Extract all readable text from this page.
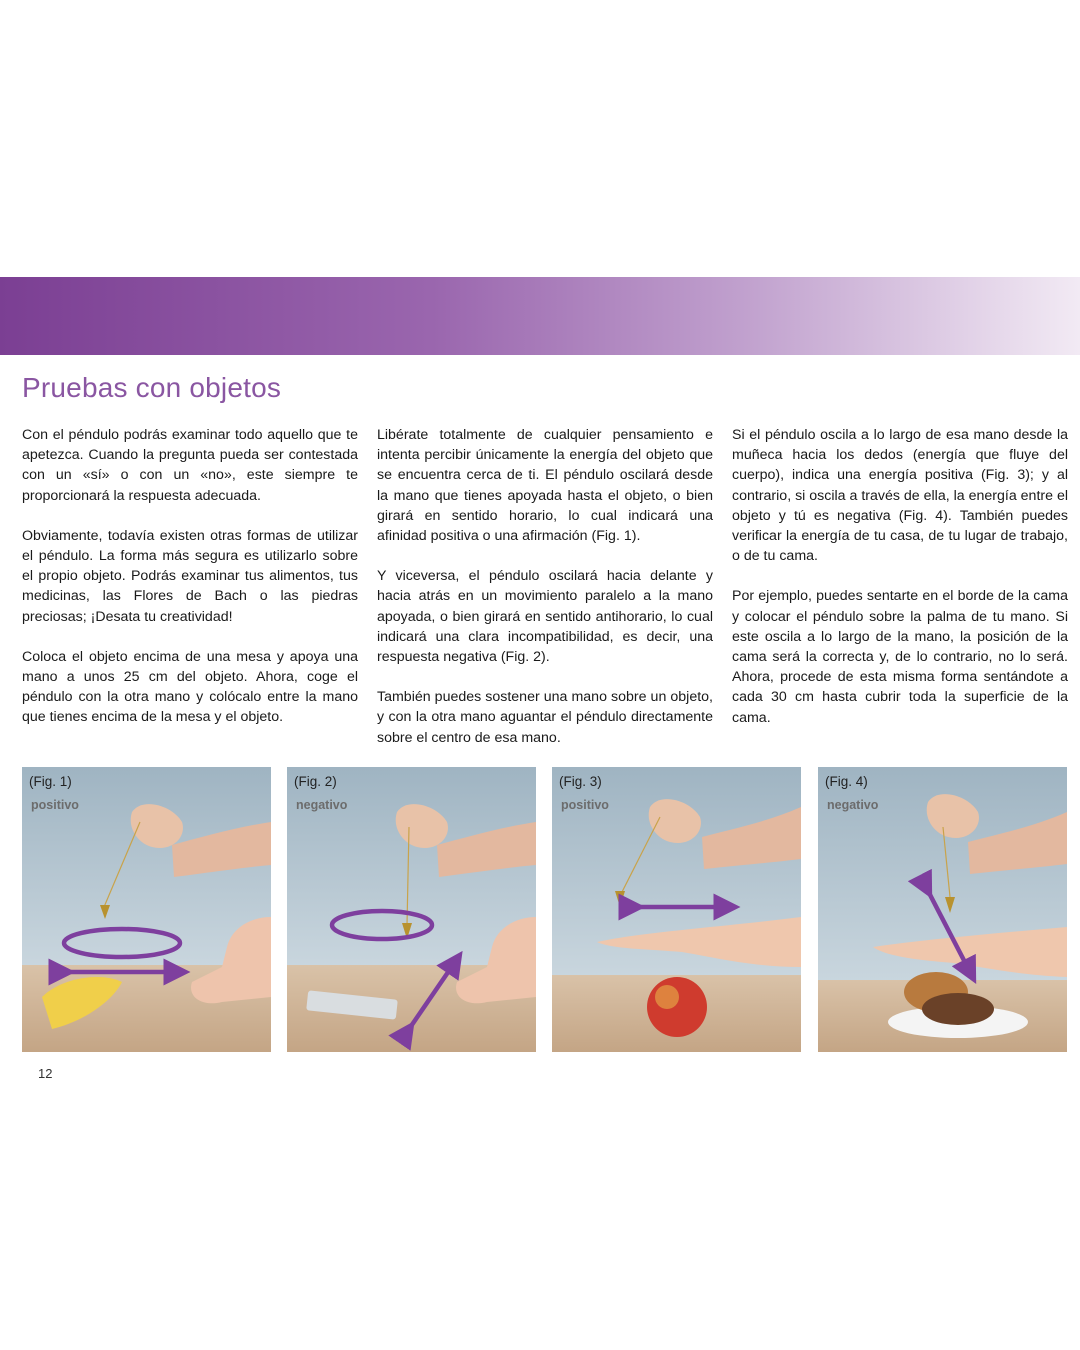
Pruebas con objetos

Con el péndulo podrás examinar todo aquello que te apetezca. Cuando la pregunta pueda ser contestada con un «sí» o con un «no», este siempre te proporcionará la respuesta adecuada.

Obviamente, todavía existen otras formas de utilizar el péndulo. La forma más segura es utilizarlo sobre el propio objeto. Podrás examinar tus alimentos, tus medicinas, las Flores de Bach o las piedras preciosas; ¡Desata tu creatividad!

Coloca el objeto encima de una mesa y apoya una mano a unos 25 cm del objeto. Ahora, coge el péndulo con la otra mano y colócalo entre la mano que tienes encima de la mesa y el objeto.

Libérate totalmente de cualquier pensamiento e intenta percibir únicamente la energía del objeto que se encuentra cerca de ti. El péndulo oscilará desde la mano que tienes apoyada hasta el objeto, o bien girará en sentido horario, lo cual indicará una afinidad positiva o una afirmación (Fig. 1).

Y viceversa, el péndulo oscilará hacia delante y hacia atrás en un movimiento paralelo a la mano apoyada, o bien girará en sentido antihorario, lo cual indicará una clara incompatibilidad, es decir, una respuesta negativa (Fig. 2).

También puedes sostener una mano sobre un objeto, y con la otra mano aguantar el péndulo directamente sobre el centro de esa mano.

Si el péndulo oscila a lo largo de esa mano desde la muñeca hacia los dedos (energía que fluye del cuerpo), indica una energía positiva (Fig. 3); y al contrario, si oscila a través de ella, la energía entre el objeto y tú es negativa (Fig. 4). También puedes verificar la energía de tu casa, de tu lugar de trabajo, o de tu cama.

Por ejemplo, puedes sentarte en el borde de la cama y colocar el péndulo sobre la palma de tu mano. Si este oscila a lo largo de la mano, la posición de la cama será la correcta y, de lo contrario, no lo será. Ahora, procede de esta misma forma sentándote a cada 30 cm hasta cubrir toda la superficie de la cama.

(Fig. 1)
positivo
(Fig. 2)
negativo
(Fig. 3)
positivo
(Fig. 4)
negativo
12
